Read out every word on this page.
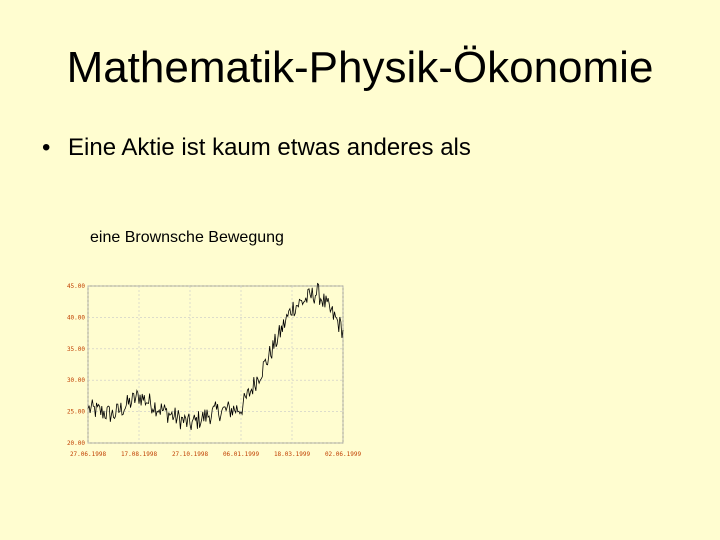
Mathematik-Physik-Ökonomie
• Eine Aktie ist kaum etwas anderes als
eine Brownsche Bewegung
45.00
40.00
35.00
30.00
25.00
20.00
27.06.1998 17.08.1998 27.10.1998 06.01.1999 18.03.1999 02.06.1999
